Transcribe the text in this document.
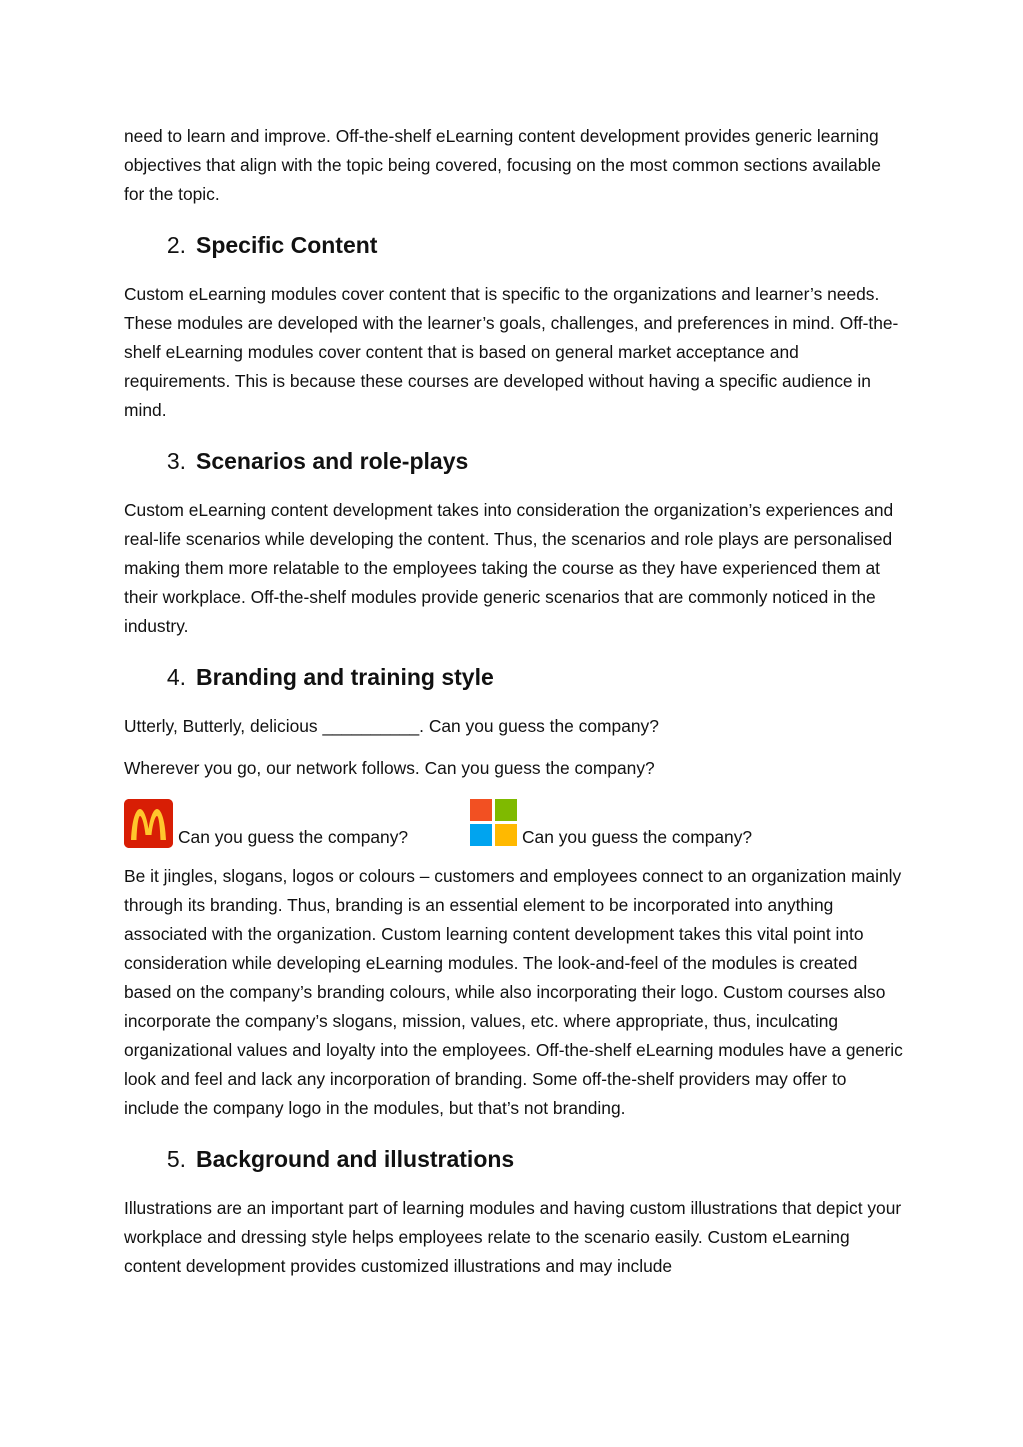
need to learn and improve. Off-the-shelf eLearning content development provides generic learning objectives that align with the topic being covered, focusing on the most common sections available for the topic.

2. Specific Content

Custom eLearning modules cover content that is specific to the organizations and learner’s needs. These modules are developed with the learner’s goals, challenges, and preferences in mind. Off-the-shelf eLearning modules cover content that is based on general market acceptance and requirements. This is because these courses are developed without having a specific audience in mind.

3. Scenarios and role-plays

Custom eLearning content development takes into consideration the organization’s experiences and real-life scenarios while developing the content. Thus, the scenarios and role plays are personalised making them more relatable to the employees taking the course as they have experienced them at their workplace. Off-the-shelf modules provide generic scenarios that are commonly noticed in the industry.

4. Branding and training style

Utterly, Butterly, delicious __________. Can you guess the company?

Wherever you go, our network follows. Can you guess the company?

Can you guess the company?	Can you guess the company?

Be it jingles, slogans, logos or colours – customers and employees connect to an organization mainly through its branding. Thus, branding is an essential element to be incorporated into anything associated with the organization. Custom learning content development takes this vital point into consideration while developing eLearning modules. The look-and-feel of the modules is created based on the company’s branding colours, while also incorporating their logo. Custom courses also incorporate the company’s slogans, mission, values, etc. where appropriate, thus, inculcating organizational values and loyalty into the employees. Off-the-shelf eLearning modules have a generic look and feel and lack any incorporation of branding. Some off-the-shelf providers may offer to include the company logo in the modules, but that’s not branding.

5. Background and illustrations

Illustrations are an important part of learning modules and having custom illustrations that depict your workplace and dressing style helps employees relate to the scenario easily. Custom eLearning content development provides customized illustrations and may include
